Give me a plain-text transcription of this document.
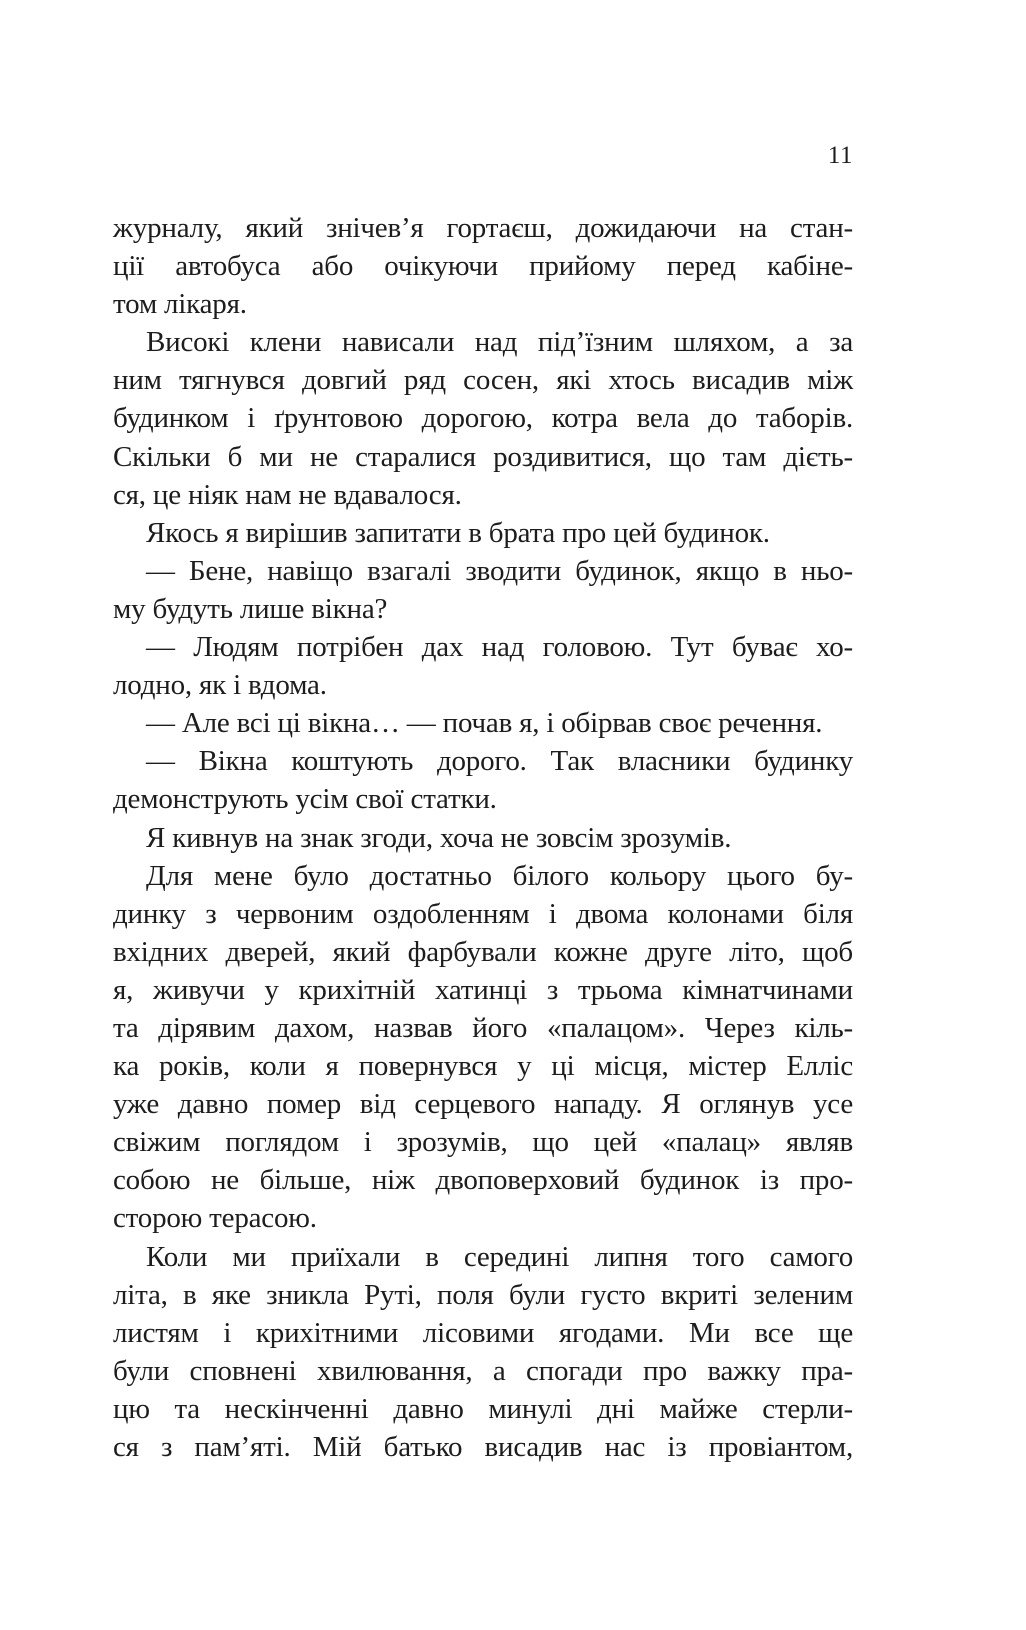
11
журналу, який знічев’я гортаєш, дожидаючи на стан-
ції автобуса або очікуючи прийому перед кабіне-
том лікаря.
Високі клени нависали над під’їзним шляхом, а за
ним тягнувся довгий ряд сосен, які хтось висадив між
будинком і ґрунтовою дорогою, котра вела до таборів.
Скільки б ми не старалися роздивитися, що там дієть-
ся, це ніяк нам не вдавалося.
Якось я вирішив запитати в брата про цей будинок.
— Бене, навіщо взагалі зводити будинок, якщо в ньо-
му будуть лише вікна?
— Людям потрібен дах над головою. Тут буває хо-
лодно, як і вдома.
— Але всі ці вікна… — почав я, і обірвав своє речення.
— Вікна коштують дорого. Так власники будинку
демонструють усім свої статки.
Я кивнув на знак згоди, хоча не зовсім зрозумів.
Для мене було достатньо білого кольору цього бу-
динку з червоним оздобленням і двома колонами біля
вхідних дверей, який фарбували кожне друге літо, щоб
я, живучи у крихітній хатинці з трьома кімнатчинами
та дірявим дахом, назвав його «палацом». Через кіль-
ка років, коли я повернувся у ці місця, містер Елліс
уже давно помер від серцевого нападу. Я оглянув усе
свіжим поглядом і зрозумів, що цей «палац» являв
собою не більше, ніж двоповерховий будинок із про-
сторою терасою.
Коли ми приїхали в середині липня того самого
літа, в яке зникла Руті, поля були густо вкриті зеленим
листям і крихітними лісовими ягодами. Ми все ще
були сповнені хвилювання, а спогади про важку пра-
цю та нескінченні давно минулі дні майже стерли-
ся з пам’яті. Мій батько висадив нас із провіантом,
